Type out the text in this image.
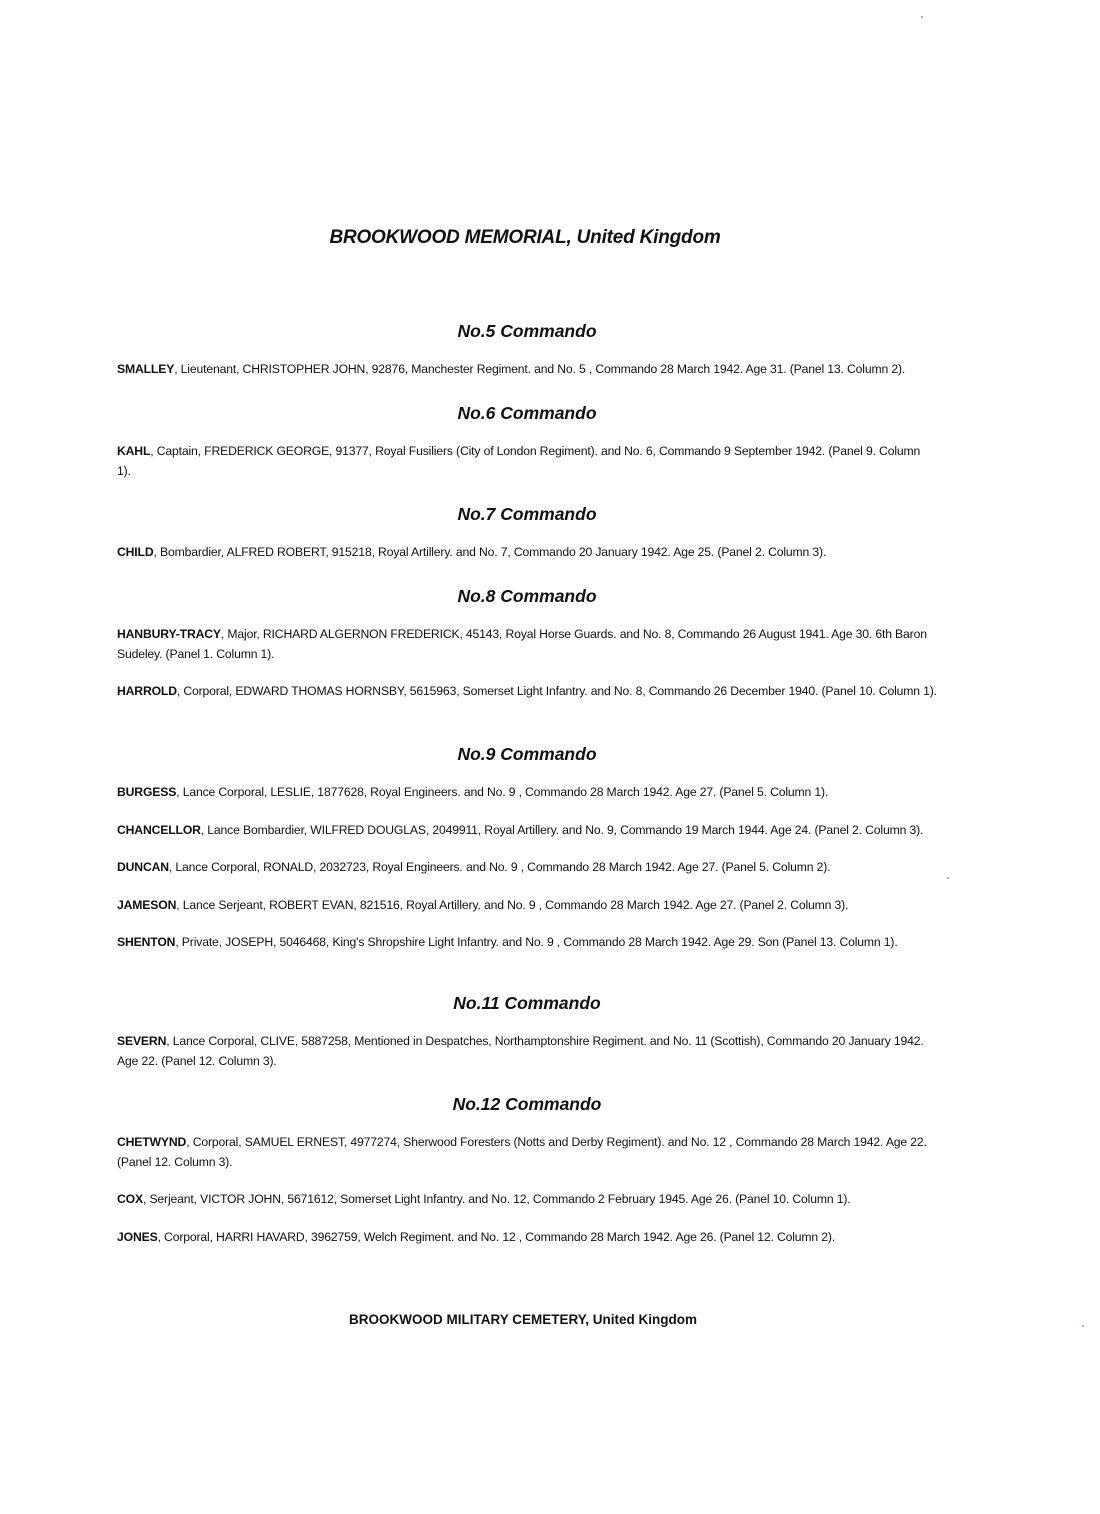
BROOKWOOD MEMORIAL, United Kingdom
No.5 Commando

SMALLEY, Lieutenant, CHRISTOPHER JOHN, 92876, Manchester Regiment. and No. 5 , Commando 28 March 1942. Age 31. (Panel 13. Column 2).

No.6 Commando

KAHL, Captain, FREDERICK GEORGE, 91377, Royal Fusiliers (City of London Regiment). and No. 6, Commando 9 September 1942. (Panel 9. Column 1).

No.7 Commando

CHILD, Bombardier, ALFRED ROBERT, 915218, Royal Artillery. and No. 7, Commando 20 January 1942. Age 25. (Panel 2. Column 3).

No.8 Commando

HANBURY-TRACY, Major, RICHARD ALGERNON FREDERICK, 45143, Royal Horse Guards. and No. 8, Commando 26 August 1941. Age 30. 6th Baron Sudeley. (Panel 1. Column 1).

HARROLD, Corporal, EDWARD THOMAS HORNSBY, 5615963, Somerset Light Infantry. and No. 8, Commando 26 December 1940. (Panel 10. Column 1).

No.9 Commando

BURGESS, Lance Corporal, LESLIE, 1877628, Royal Engineers. and No. 9 , Commando 28 March 1942. Age 27. (Panel 5. Column 1).

CHANCELLOR, Lance Bombardier, WILFRED DOUGLAS, 2049911, Royal Artillery. and No. 9, Commando 19 March 1944. Age 24. (Panel 2. Column 3).

DUNCAN, Lance Corporal, RONALD, 2032723, Royal Engineers. and No. 9 , Commando 28 March 1942. Age 27. (Panel 5. Column 2).

JAMESON, Lance Serjeant, ROBERT EVAN, 821516, Royal Artillery. and No. 9 , Commando 28 March 1942. Age 27. (Panel 2. Column 3).

SHENTON, Private, JOSEPH, 5046468, King's Shropshire Light Infantry. and No. 9 , Commando 28 March 1942. Age 29. Son (Panel 13. Column 1).

No.11 Commando

SEVERN, Lance Corporal, CLIVE, 5887258, Mentioned in Despatches, Northamptonshire Regiment. and No. 11 (Scottish), Commando 20 January 1942. Age 22. (Panel 12. Column 3).

No.12 Commando

CHETWYND, Corporal, SAMUEL ERNEST, 4977274, Sherwood Foresters (Notts and Derby Regiment). and No. 12 , Commando 28 March 1942. Age 22. (Panel 12. Column 3).

COX, Serjeant, VICTOR JOHN, 5671612, Somerset Light Infantry. and No. 12, Commando 2 February 1945. Age 26. (Panel 10. Column 1).

JONES, Corporal, HARRI HAVARD, 3962759, Welch Regiment. and No. 12 , Commando 28 March 1942. Age 26. (Panel 12. Column 2).

BROOKWOOD MILITARY CEMETERY, United Kingdom
